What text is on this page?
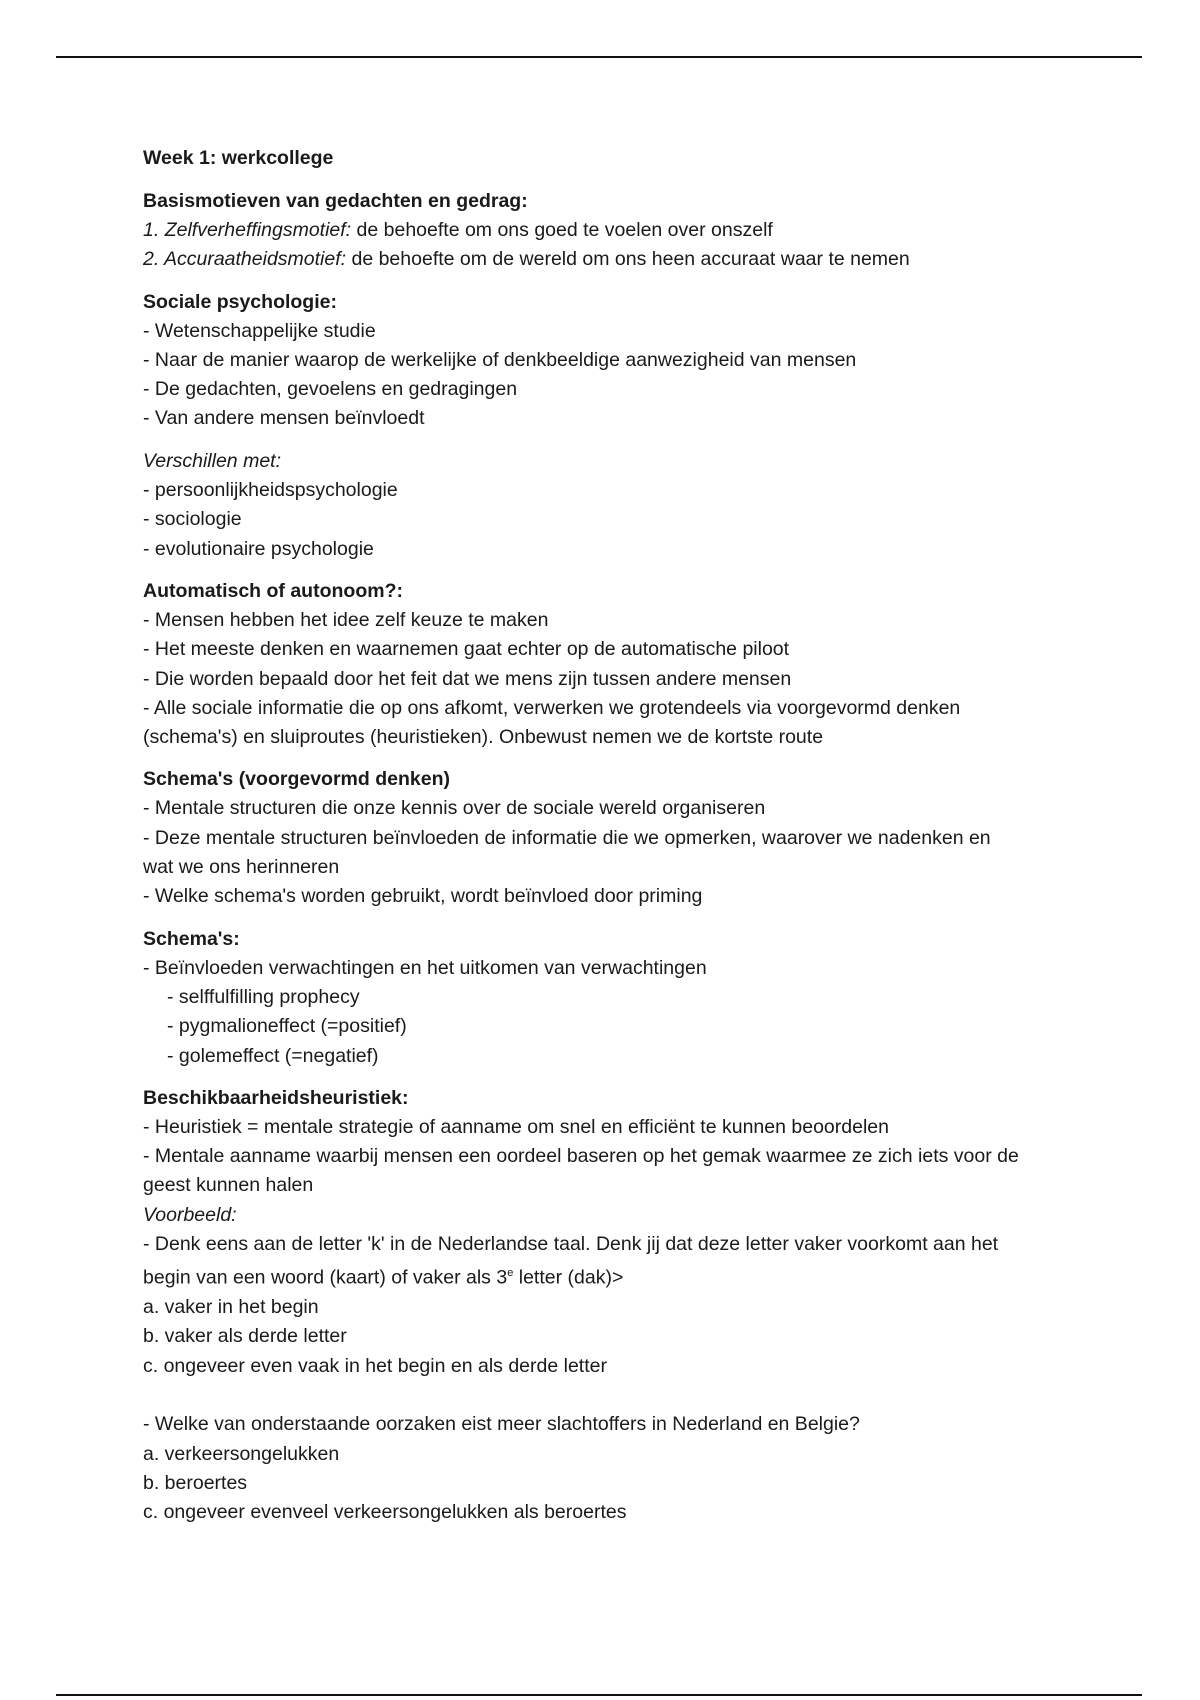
Week 1: werkcollege

Basismotieven van gedachten en gedrag:

1. Zelfverheffingsmotief: de behoefte om ons goed te voelen over onszelf

2. Accuraatheidsmotief: de behoefte om de wereld om ons heen accuraat waar te nemen

Sociale psychologie:

- Wetenschappelijke studie

- Naar de manier waarop de werkelijke of denkbeeldige aanwezigheid van mensen

- De gedachten, gevoelens en gedragingen

- Van andere mensen beïnvloedt

Verschillen met:

- persoonlijkheidspsychologie

- sociologie

- evolutionaire psychologie

Automatisch of autonoom?:

- Mensen hebben het idee zelf keuze te maken

- Het meeste denken en waarnemen gaat echter op de automatische piloot

- Die worden bepaald door het feit dat we mens zijn tussen andere mensen

- Alle sociale informatie die op ons afkomt, verwerken we grotendeels via voorgevormd denken

(schema's) en sluiproutes (heuristieken). Onbewust nemen we de kortste route

Schema's (voorgevormd denken)

- Mentale structuren die onze kennis over de sociale wereld organiseren

- Deze mentale structuren beïnvloeden de informatie die we opmerken, waarover we nadenken en

wat we ons herinneren

- Welke schema's worden gebruikt, wordt beïnvloed door priming

Schema's:

- Beïnvloeden verwachtingen en het uitkomen van verwachtingen

- selffulfilling prophecy

- pygmalioneffect (=positief)

- golemeffect (=negatief)

Beschikbaarheidsheuristiek:

- Heuristiek = mentale strategie of aanname om snel en efficiënt te kunnen beoordelen

- Mentale aanname waarbij mensen een oordeel baseren op het gemak waarmee ze zich iets voor de

geest kunnen halen

Voorbeeld:

- Denk eens aan de letter 'k' in de Nederlandse taal. Denk jij dat deze letter vaker voorkomt aan het

begin van een woord (kaart) of vaker als 3e letter (dak)>

a. vaker in het begin

b. vaker als derde letter

c. ongeveer even vaak in het begin en als derde letter

- Welke van onderstaande oorzaken eist meer slachtoffers in Nederland en Belgie?

a. verkeersongelukken

b. beroertes

c. ongeveer evenveel verkeersongelukken als beroertes
